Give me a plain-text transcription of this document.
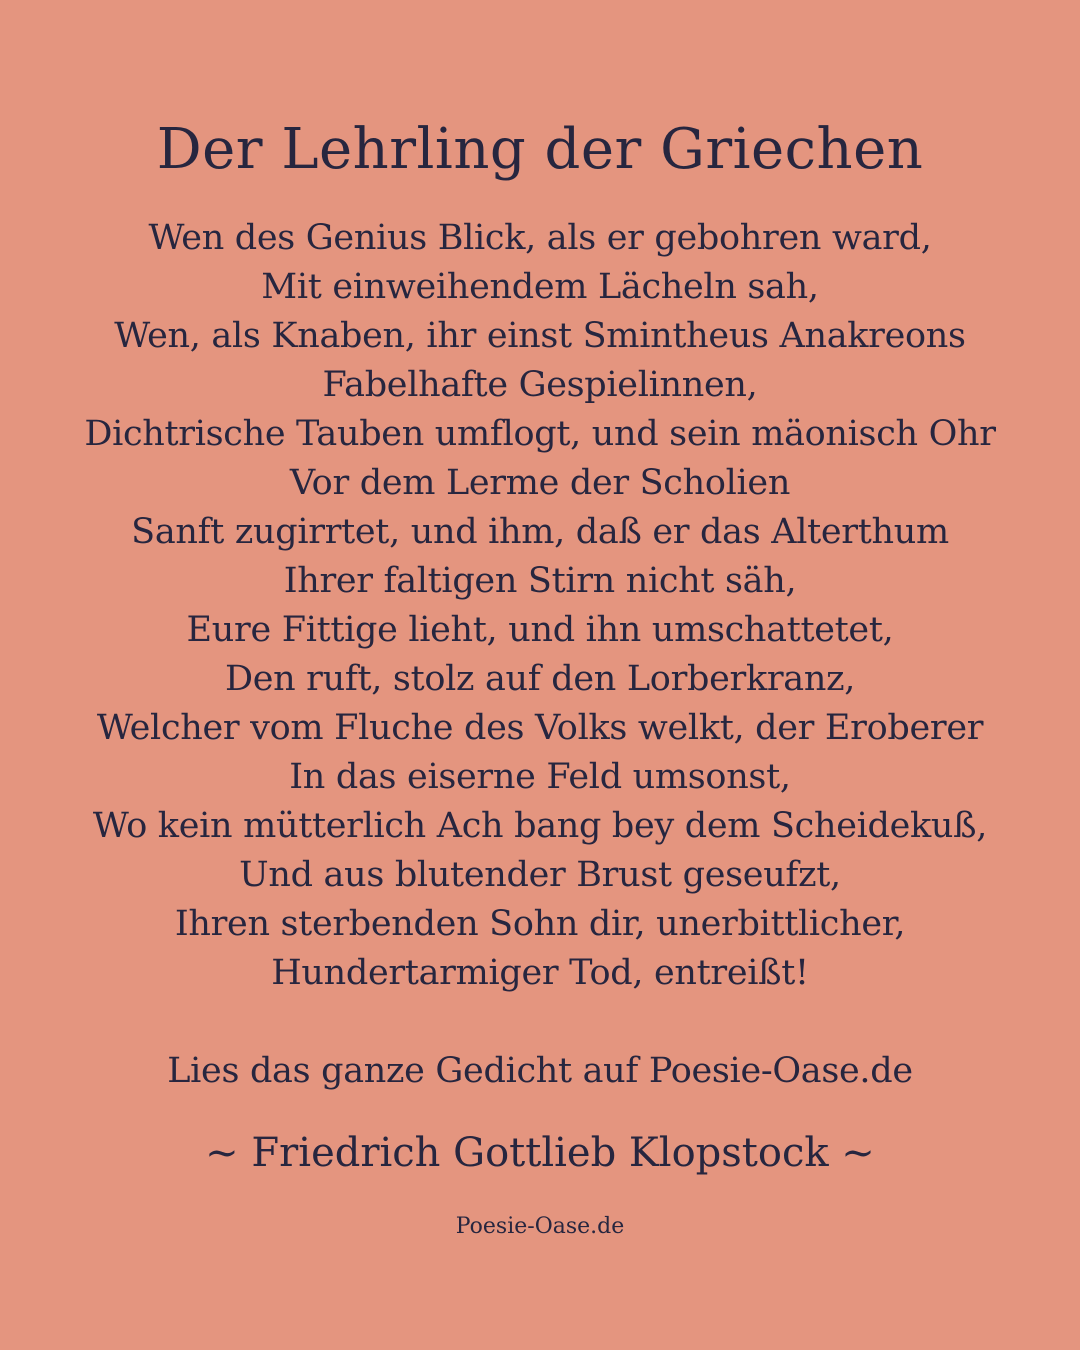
Der Lehrling der Griechen
Wen des Genius Blick, als er gebohren ward,
Mit einweihendem Lächeln sah,
Wen, als Knaben, ihr einst Smintheus Anakreons
Fabelhafte Gespielinnen,
Dichtrische Tauben umflogt, und sein mäonisch Ohr
Vor dem Lerme der Scholien
Sanft zugirrtet, und ihm, daß er das Alterthum
Ihrer faltigen Stirn nicht säh,
Eure Fittige lieht, und ihn umschattetet,
Den ruft, stolz auf den Lorberkranz,
Welcher vom Fluche des Volks welkt, der Eroberer
In das eiserne Feld umsonst,
Wo kein mütterlich Ach bang bey dem Scheidekuß,
Und aus blutender Brust geseufzt,
Ihren sterbenden Sohn dir, unerbittlicher,
Hundertarmiger Tod, entreißt!

Lies das ganze Gedicht auf Poesie-Oase.de

~ Friedrich Gottlieb Klopstock ~

Poesie-Oase.de
